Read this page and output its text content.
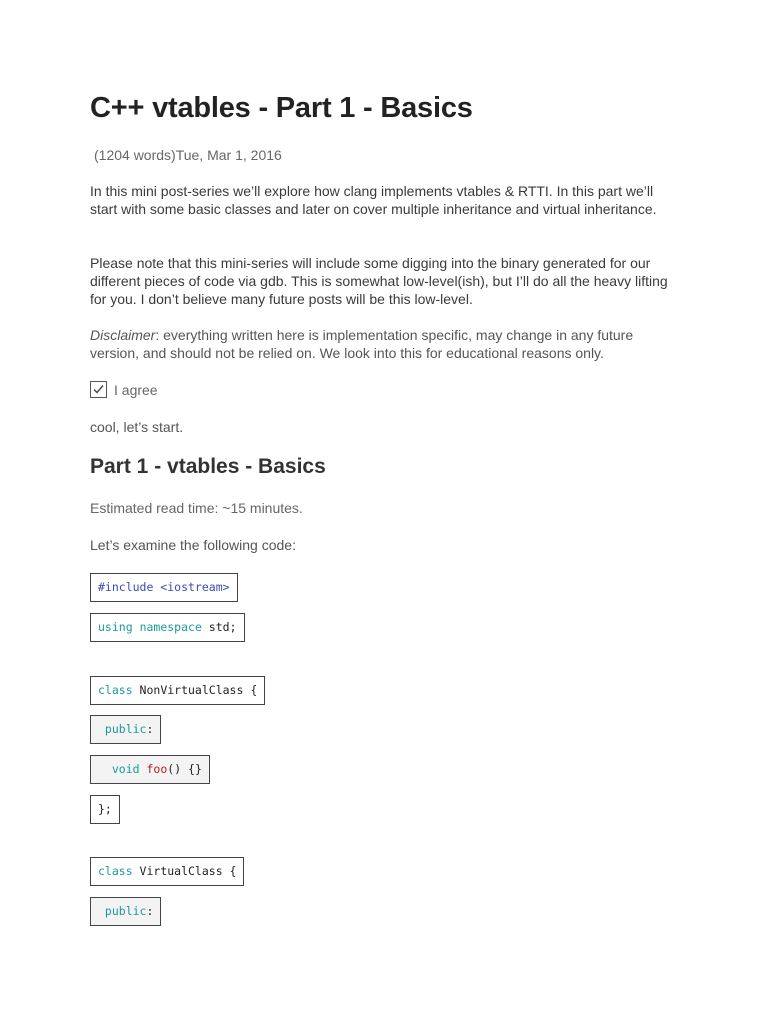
C++ vtables - Part 1 - Basics
(1204 words)Tue, Mar 1, 2016

In this mini post-series we’ll explore how clang implements vtables & RTTI. In this part we’ll start with some basic classes and later on cover multiple inheritance and virtual inheritance.

Please note that this mini-series will include some digging into the binary generated for our different pieces of code via gdb. This is somewhat low-level(ish), but I’ll do all the heavy lifting for you. I don’t believe many future posts will be this low-level.

Disclaimer: everything written here is implementation specific, may change in any future version, and should not be relied on. We look into this for educational reasons only.

I agree
cool, let’s start.
Part 1 - vtables - Basics
Estimated read time: ~15 minutes.
Let’s examine the following code:
#include <iostream>
using namespace std;
class NonVirtualClass {
public:
void foo() {}
};
class VirtualClass {
public:
